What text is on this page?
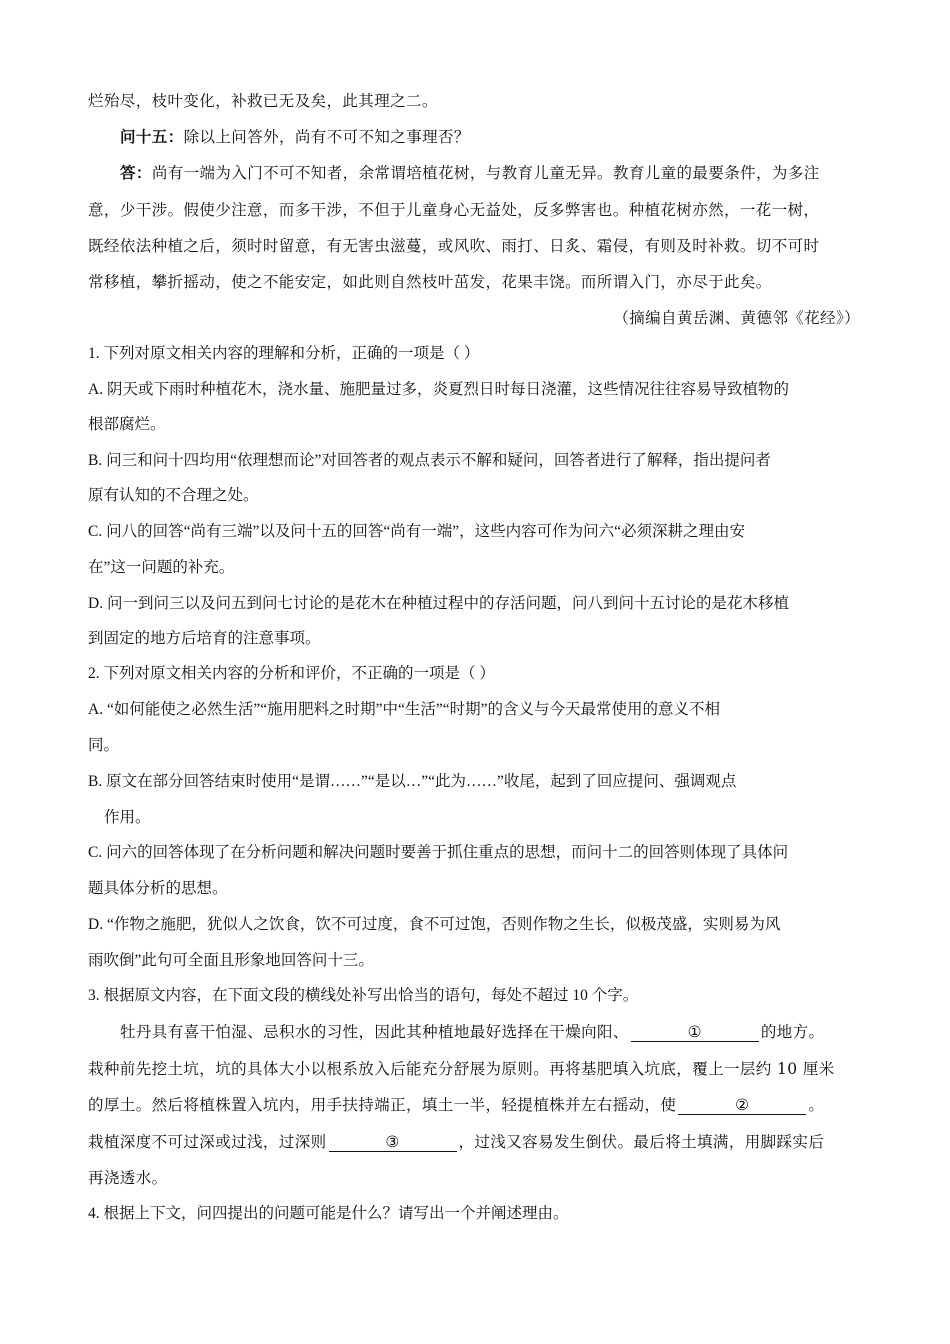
烂殆尽，枝叶变化，补救已无及矣，此其理之二。
问十五：除以上问答外，尚有不可不知之事理否？
答：尚有一端为入门不可不知者，余常谓培植花树，与教育儿童无异。教育儿童的最要条件，为多注
意，少干涉。假使少注意，而多干涉，不但于儿童身心无益处，反多弊害也。种植花树亦然，一花一树，
既经依法种植之后，须时时留意，有无害虫滋蔓，或风吹、雨打、日炙、霜侵，有则及时补救。切不可时
常移植，攀折摇动，使之不能安定，如此则自然枝叶茁发，花果丰饶。而所谓入门，亦尽于此矣。
（摘编自黄岳渊、黄德邻《花经》）
1. 下列对原文相关内容的理解和分析，正确的一项是（ ）
A. 阴天或下雨时种植花木，浇水量、施肥量过多，炎夏烈日时每日浇灌，这些情况往往容易导致植物的
根部腐烂。
B. 问三和问十四均用“依理想而论”对回答者的观点表示不解和疑问，回答者进行了解释，指出提问者
原有认知的不合理之处。
C. 问八的回答“尚有三端”以及问十五的回答“尚有一端”，这些内容可作为问六“必须深耕之理由安
在”这一问题的补充。
D. 问一到问三以及问五到问七讨论的是花木在种植过程中的存活问题，问八到问十五讨论的是花木移植
到固定的地方后培育的注意事项。
2. 下列对原文相关内容的分析和评价，不正确的一项是（ ）
A. “如何能使之必然生活”“施用肥料之时期”中“生活”“时期”的含义与今天最常使用的意义不相
同。
B. 原文在部分回答结束时使用“是谓……”“是以…”“此为……”收尾，起到了回应提问、强调观点
作用。
C. 问六的回答体现了在分析问题和解决问题时要善于抓住重点的思想，而问十二的回答则体现了具体问
题具体分析的思想。
D. “作物之施肥，犹似人之饮食，饮不可过度，食不可过饱，否则作物之生长，似极茂盛，实则易为风
雨吹倒”此句可全面且形象地回答问十三。
3. 根据原文内容，在下面文段的横线处补写出恰当的语句，每处不超过 10 个字。
牡丹具有喜干怕湿、忌积水的习性，因此其种植地最好选择在干燥向阳、	①	的地方。
栽种前先挖土坑，坑的具体大小以根系放入后能充分舒展为原则。再将基肥填入坑底，覆上一层约 10 厘米
的厚土。然后将植株置入坑内，用手扶持端正，填土一半，轻提植株并左右摇动，使	②	。
栽植深度不可过深或过浅，过深则	③	，过浅又容易发生倒伏。最后将土填满，用脚踩实后
再浇透水。
4. 根据上下文，问四提出的问题可能是什么？请写出一个并阐述理由。
